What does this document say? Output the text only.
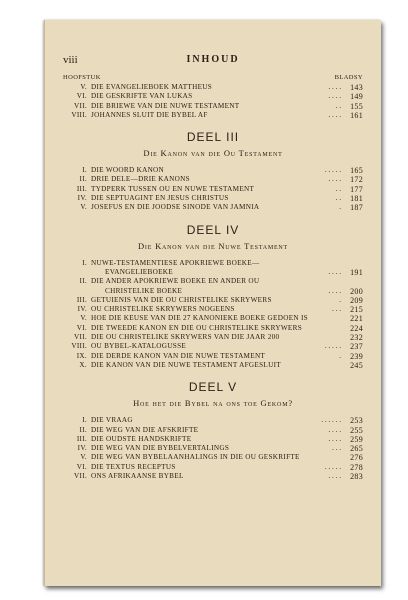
viii	INHOUD
HOOFSTUK	BLADSY
V. DIE EVANGELIEBOEK MATTHEUS	. . . . 143
VI. DIE GESKRIFTE VAN LUKAS	. . . . 149
VII. DIE BRIEWE VAN DIE NUWE TESTAMENT	. . 155
VIII. JOHANNES SLUIT DIE BYBEL AF	. . . . 161
DEEL III
Die Kanon van die Ou Testament
I. DIE WOORD KANON	. . . . . 165
II. DRIE DELE—DRIE KANONS	. . . . 172
III. TYDPERK TUSSEN OU EN NUWE TESTAMENT	. . 177
IV. DIE SEPTUAGINT EN JESUS CHRISTUS	. . 181
V. JOSEFUS EN DIE JOODSE SINODE VAN JAMNIA	. 187
DEEL IV
Die Kanon van die Nuwe Testament
I. NUWE-TESTAMENTIESE APOKRIEWE BOEKE—
EVANGELIEBOEKE	. . . . 191
II. DIE ANDER APOKRIEWE BOEKE EN ANDER OU
CHRISTELIKE BOEKE	. . . . 200
III. GETUIENIS VAN DIE OU CHRISTELIKE SKRYWERS	. 209
IV. OU CHRISTELIKE SKRYWERS NOGEENS	. . . 215
V. HOE DIE KEUSE VAN DIE 27 KANONIEKE BOEKE GEDOEN IS	221
VI. DIE TWEEDE KANON EN DIE OU CHRISTELIKE SKRYWERS	224
VII. DIE OU CHRISTELIKE SKRYWERS VAN DIE JAAR 200	232
VIII. OU BYBEL-KATALOGUSSE	. . . . . 237
IX. DIE DERDE KANON VAN DIE NUWE TESTAMENT	. 239
X. DIE KANON VAN DIE NUWE TESTAMENT AFGESLUIT	245
DEEL V
Hoe het die Bybel na ons toe Gekom?
I. DIE VRAAG	. . . . . . 253
II. DIE WEG VAN DIE AFSKRIFTE	. . . . 255
III. DIE OUDSTE HANDSKRIFTE	. . . . 259
IV. DIE WEG VAN DIE BYBELVERTALINGS	. . . 265
V. DIE WEG VAN BYBELAANHALINGS IN DIE OU GESKRIFTE	276
VI. DIE TEXTUS RECEPTUS	. . . . . 278
VII. ONS AFRIKAANSE BYBEL	. . . . 283
